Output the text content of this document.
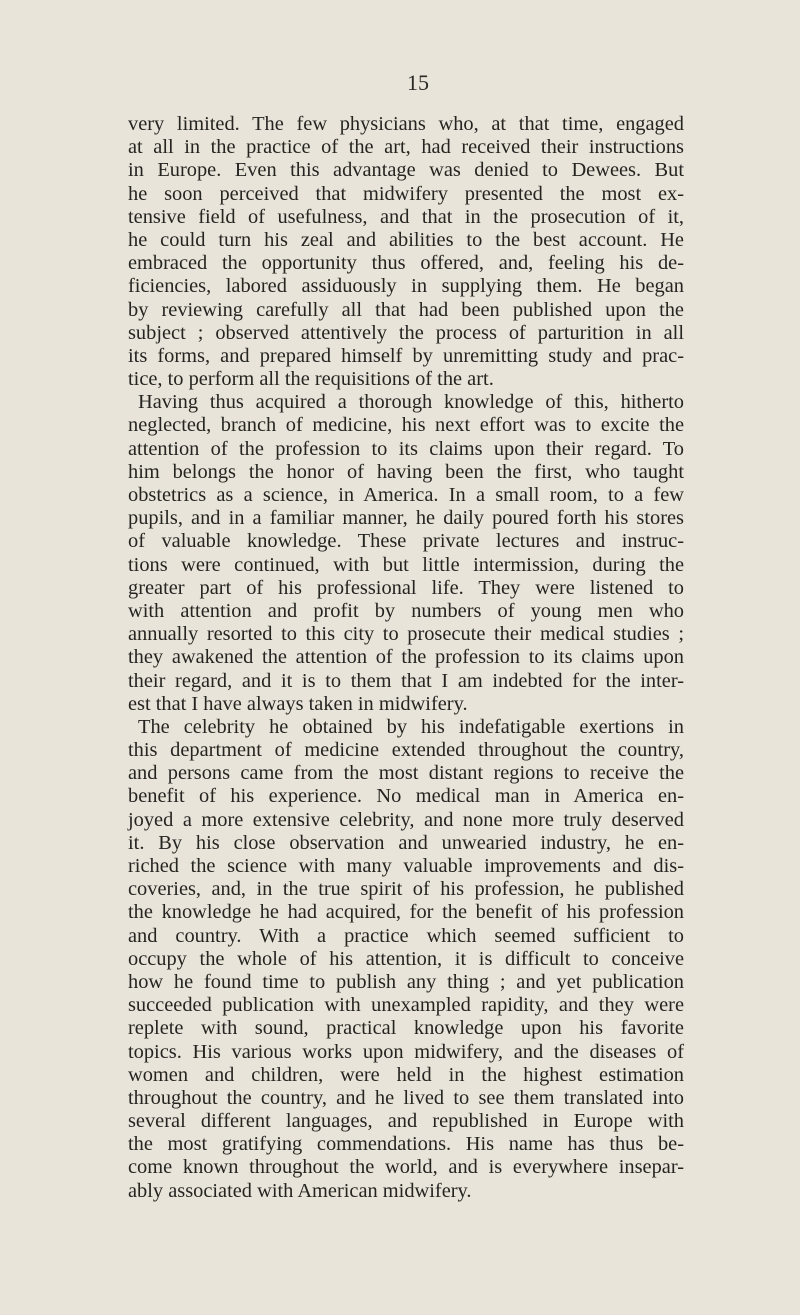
15
very limited. The few physicians who, at that time, engaged
at all in the practice of the art, had received their instructions
in Europe. Even this advantage was denied to Dewees. But
he soon perceived that midwifery presented the most ex-
tensive field of usefulness, and that in the prosecution of it,
he could turn his zeal and abilities to the best account. He
embraced the opportunity thus offered, and, feeling his de-
ficiencies, labored assiduously in supplying them. He began
by reviewing carefully all that had been published upon the
subject ; observed attentively the process of parturition in all
its forms, and prepared himself by unremitting study and prac-
tice, to perform all the requisitions of the art.
Having thus acquired a thorough knowledge of this, hitherto
neglected, branch of medicine, his next effort was to excite the
attention of the profession to its claims upon their regard. To
him belongs the honor of having been the first, who taught
obstetrics as a science, in America. In a small room, to a few
pupils, and in a familiar manner, he daily poured forth his stores
of valuable knowledge. These private lectures and instruc-
tions were continued, with but little intermission, during the
greater part of his professional life. They were listened to
with attention and profit by numbers of young men who
annually resorted to this city to prosecute their medical studies ;
they awakened the attention of the profession to its claims upon
their regard, and it is to them that I am indebted for the inter-
est that I have always taken in midwifery.
The celebrity he obtained by his indefatigable exertions in
this department of medicine extended throughout the country,
and persons came from the most distant regions to receive the
benefit of his experience. No medical man in America en-
joyed a more extensive celebrity, and none more truly deserved
it. By his close observation and unwearied industry, he en-
riched the science with many valuable improvements and dis-
coveries, and, in the true spirit of his profession, he published
the knowledge he had acquired, for the benefit of his profession
and country. With a practice which seemed sufficient to
occupy the whole of his attention, it is difficult to conceive
how he found time to publish any thing ; and yet publication
succeeded publication with unexampled rapidity, and they were
replete with sound, practical knowledge upon his favorite
topics. His various works upon midwifery, and the diseases of
women and children, were held in the highest estimation
throughout the country, and he lived to see them translated into
several different languages, and republished in Europe with
the most gratifying commendations. His name has thus be-
come known throughout the world, and is everywhere insepar-
ably associated with American midwifery.
